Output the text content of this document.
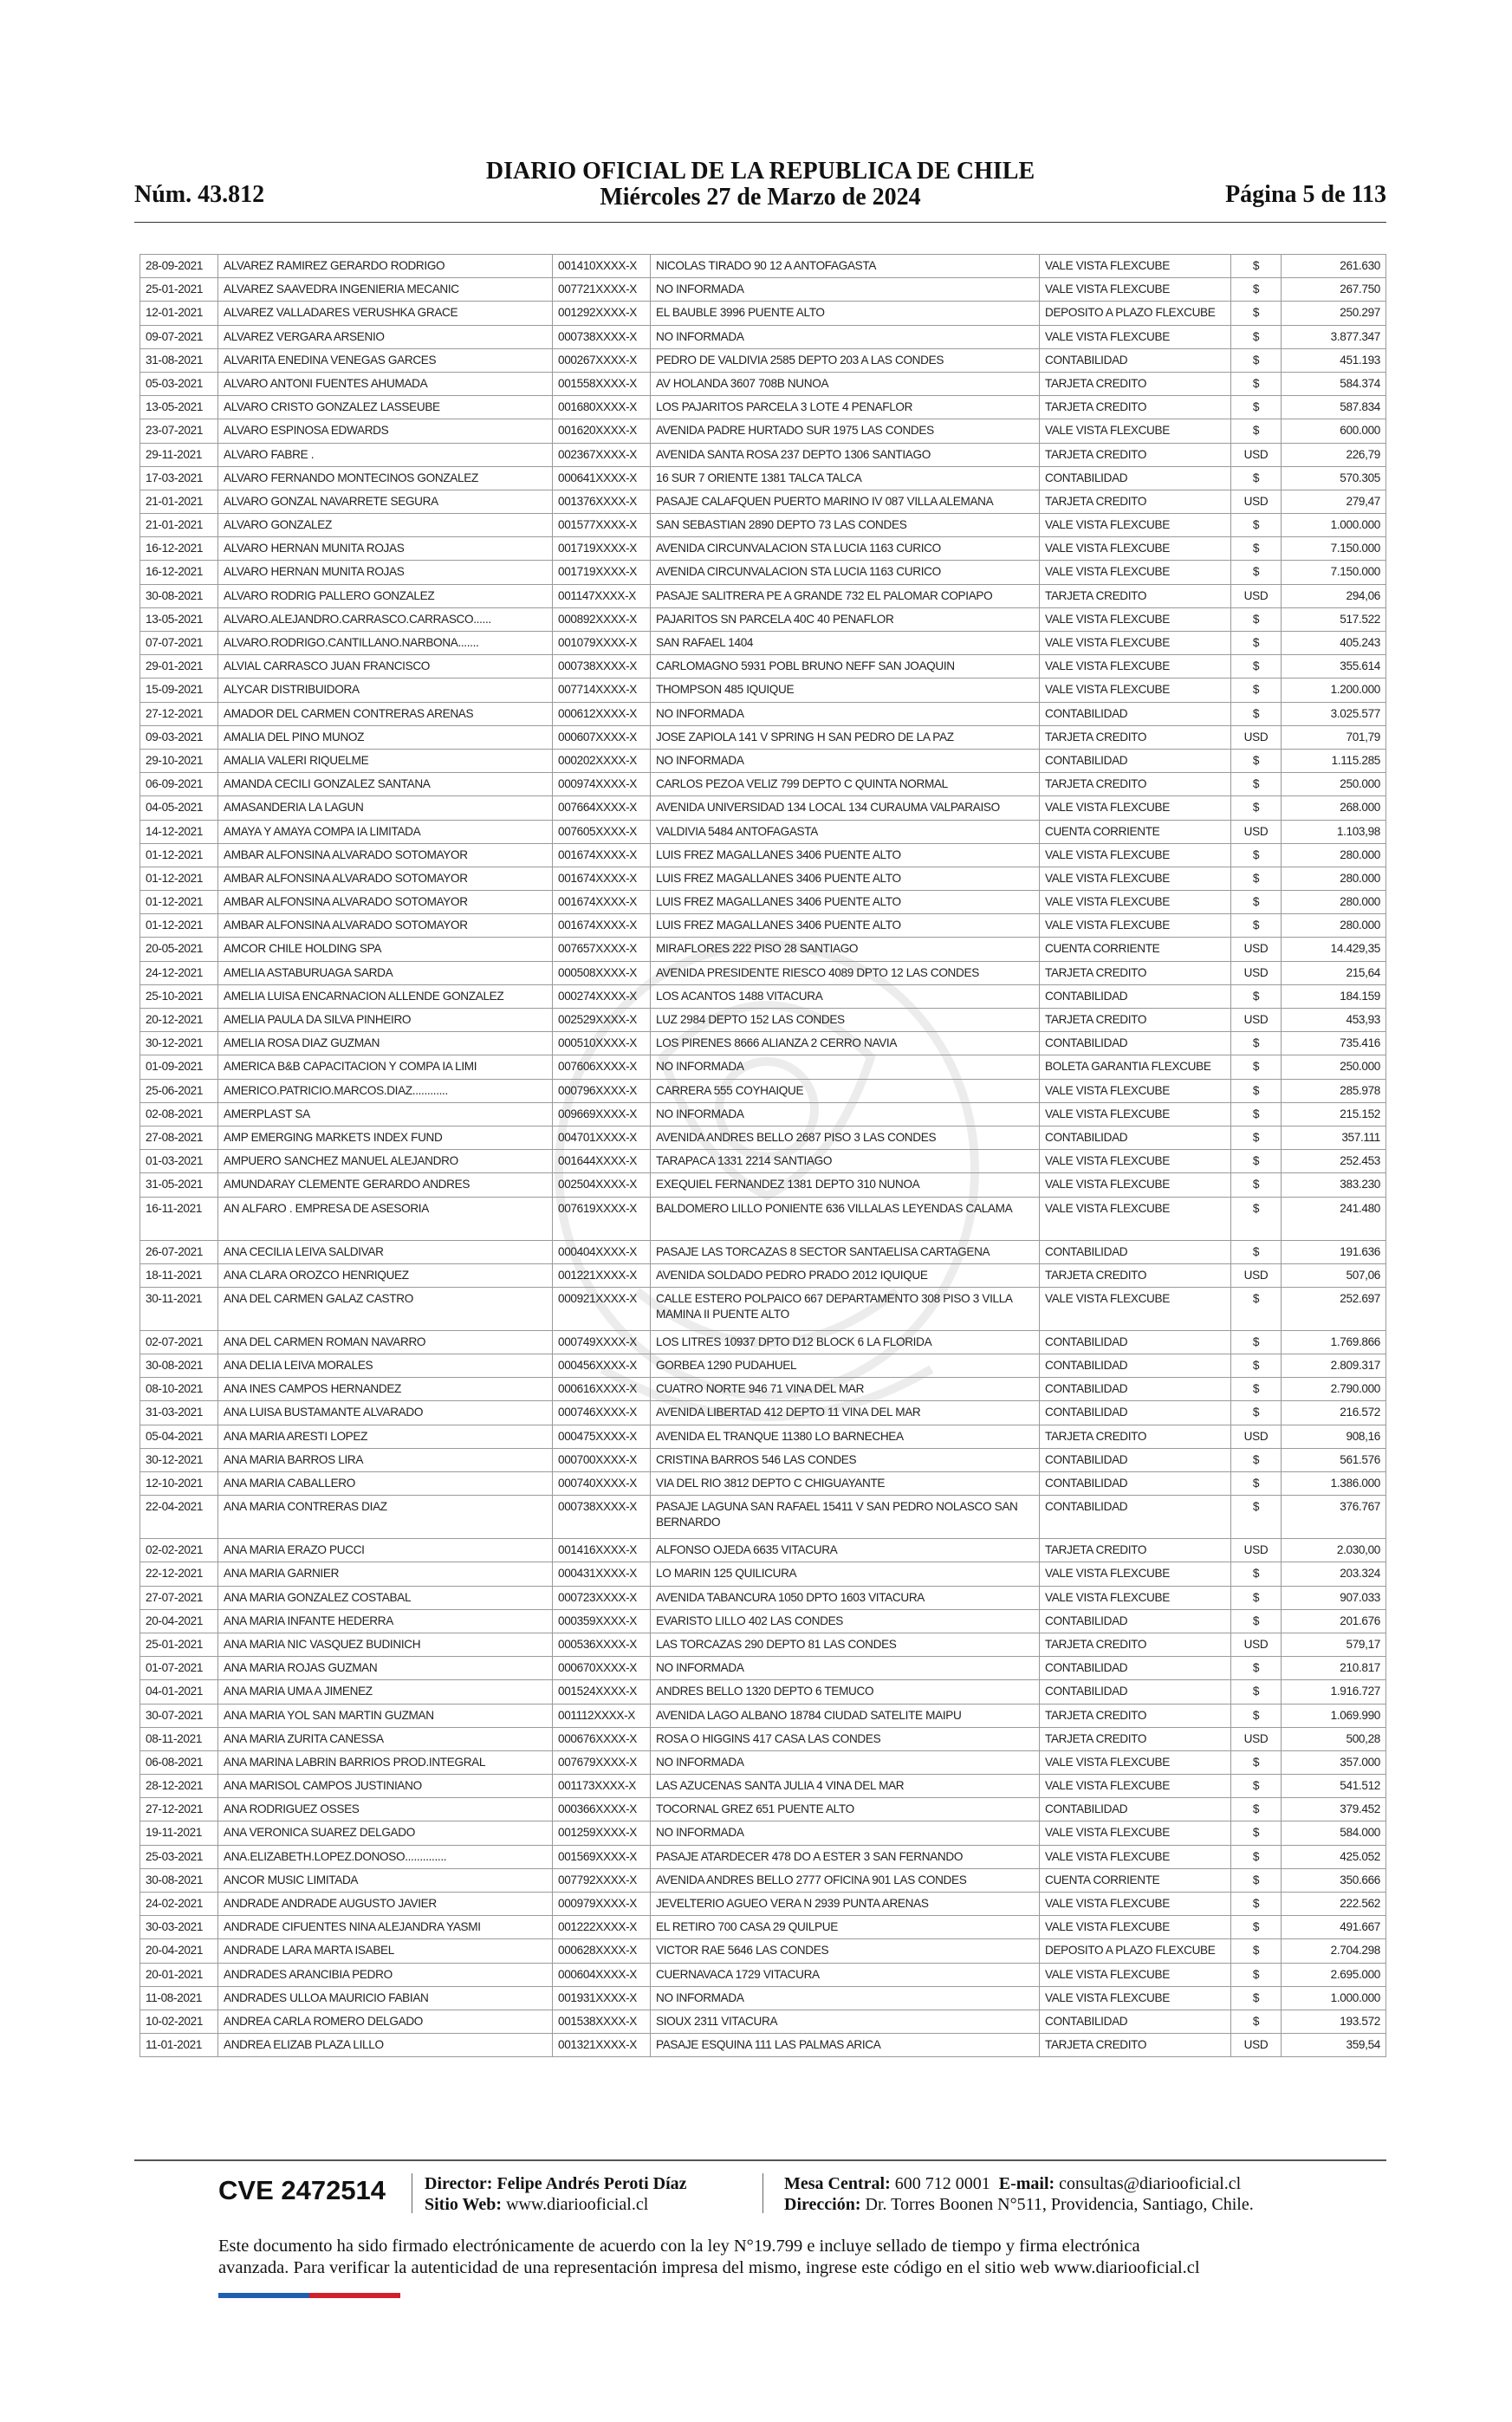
Núm. 43.812
DIARIO OFICIAL DE LA REPUBLICA DE CHILE
Miércoles 27 de Marzo de 2024	Página 5 de 113
28-09-2021	ALVAREZ RAMIREZ GERARDO RODRIGO	001410XXXX-X	NICOLAS TIRADO 90 12 A ANTOFAGASTA	VALE VISTA FLEXCUBE	$	261.630
25-01-2021	ALVAREZ SAAVEDRA INGENIERIA MECANIC	007721XXXX-X	NO INFORMADA	VALE VISTA FLEXCUBE	$	267.750
12-01-2021	ALVAREZ VALLADARES VERUSHKA GRACE	001292XXXX-X	EL BAUBLE 3996 PUENTE ALTO	DEPOSITO A PLAZO FLEXCUBE	$	250.297
09-07-2021	ALVAREZ VERGARA ARSENIO	000738XXXX-X	NO INFORMADA	VALE VISTA FLEXCUBE	$	3.877.347
31-08-2021	ALVARITA ENEDINA VENEGAS GARCES	000267XXXX-X	PEDRO DE VALDIVIA 2585 DEPTO 203 A LAS CONDES	CONTABILIDAD	$	451.193
05-03-2021	ALVARO ANTONI FUENTES AHUMADA	001558XXXX-X	AV HOLANDA 3607 708B NUNOA	TARJETA CREDITO	$	584.374
13-05-2021	ALVARO CRISTO GONZALEZ LASSEUBE	001680XXXX-X	LOS PAJARITOS PARCELA 3 LOTE 4 PENAFLOR	TARJETA CREDITO	$	587.834
23-07-2021	ALVARO ESPINOSA EDWARDS	001620XXXX-X	AVENIDA PADRE HURTADO SUR 1975 LAS CONDES	VALE VISTA FLEXCUBE	$	600.000
29-11-2021	ALVARO FABRE .	002367XXXX-X	AVENIDA SANTA ROSA 237 DEPTO 1306 SANTIAGO	TARJETA CREDITO	USD	226,79
17-03-2021	ALVARO FERNANDO MONTECINOS GONZALEZ	000641XXXX-X	16 SUR 7 ORIENTE 1381 TALCA TALCA	CONTABILIDAD	$	570.305
21-01-2021	ALVARO GONZAL NAVARRETE SEGURA	001376XXXX-X	PASAJE CALAFQUEN PUERTO MARINO IV 087 VILLA ALEMANA	TARJETA CREDITO	USD	279,47
21-01-2021	ALVARO GONZALEZ	001577XXXX-X	SAN SEBASTIAN 2890 DEPTO 73 LAS CONDES	VALE VISTA FLEXCUBE	$	1.000.000
16-12-2021	ALVARO HERNAN MUNITA ROJAS	001719XXXX-X	AVENIDA CIRCUNVALACION STA LUCIA 1163 CURICO	VALE VISTA FLEXCUBE	$	7.150.000
16-12-2021	ALVARO HERNAN MUNITA ROJAS	001719XXXX-X	AVENIDA CIRCUNVALACION STA LUCIA 1163 CURICO	VALE VISTA FLEXCUBE	$	7.150.000
30-08-2021	ALVARO RODRIG PALLERO GONZALEZ	001147XXXX-X	PASAJE SALITRERA PE A GRANDE 732 EL PALOMAR COPIAPO	TARJETA CREDITO	USD	294,06
13-05-2021	ALVARO.ALEJANDRO.CARRASCO.CARRASCO......	000892XXXX-X	PAJARITOS SN PARCELA 40C 40 PENAFLOR	VALE VISTA FLEXCUBE	$	517.522
07-07-2021	ALVARO.RODRIGO.CANTILLANO.NARBONA.......	001079XXXX-X	SAN RAFAEL 1404	VALE VISTA FLEXCUBE	$	405.243
29-01-2021	ALVIAL CARRASCO JUAN FRANCISCO	000738XXXX-X	CARLOMAGNO 5931 POBL BRUNO NEFF SAN JOAQUIN	VALE VISTA FLEXCUBE	$	355.614
15-09-2021	ALYCAR DISTRIBUIDORA	007714XXXX-X	THOMPSON 485 IQUIQUE	VALE VISTA FLEXCUBE	$	1.200.000
27-12-2021	AMADOR DEL CARMEN CONTRERAS ARENAS	000612XXXX-X	NO INFORMADA	CONTABILIDAD	$	3.025.577
09-03-2021	AMALIA DEL PINO MUNOZ	000607XXXX-X	JOSE ZAPIOLA 141 V SPRING H SAN PEDRO DE LA PAZ	TARJETA CREDITO	USD	701,79
29-10-2021	AMALIA VALERI RIQUELME	000202XXXX-X	NO INFORMADA	CONTABILIDAD	$	1.115.285
06-09-2021	AMANDA CECILI GONZALEZ SANTANA	000974XXXX-X	CARLOS PEZOA VELIZ 799 DEPTO C QUINTA NORMAL	TARJETA CREDITO	$	250.000
04-05-2021	AMASANDERIA LA LAGUN	007664XXXX-X	AVENIDA UNIVERSIDAD 134 LOCAL 134 CURAUMA VALPARAISO	VALE VISTA FLEXCUBE	$	268.000
14-12-2021	AMAYA Y AMAYA COMPA IA LIMITADA	007605XXXX-X	VALDIVIA 5484 ANTOFAGASTA	CUENTA CORRIENTE	USD	1.103,98
01-12-2021	AMBAR ALFONSINA ALVARADO SOTOMAYOR	001674XXXX-X	LUIS FREZ MAGALLANES 3406 PUENTE ALTO	VALE VISTA FLEXCUBE	$	280.000
01-12-2021	AMBAR ALFONSINA ALVARADO SOTOMAYOR	001674XXXX-X	LUIS FREZ MAGALLANES 3406 PUENTE ALTO	VALE VISTA FLEXCUBE	$	280.000
01-12-2021	AMBAR ALFONSINA ALVARADO SOTOMAYOR	001674XXXX-X	LUIS FREZ MAGALLANES 3406 PUENTE ALTO	VALE VISTA FLEXCUBE	$	280.000
01-12-2021	AMBAR ALFONSINA ALVARADO SOTOMAYOR	001674XXXX-X	LUIS FREZ MAGALLANES 3406 PUENTE ALTO	VALE VISTA FLEXCUBE	$	280.000
20-05-2021	AMCOR CHILE HOLDING SPA	007657XXXX-X	MIRAFLORES 222 PISO 28 SANTIAGO	CUENTA CORRIENTE	USD	14.429,35
24-12-2021	AMELIA ASTABURUAGA SARDA	000508XXXX-X	AVENIDA PRESIDENTE RIESCO 4089 DPTO 12 LAS CONDES	TARJETA CREDITO	USD	215,64
25-10-2021	AMELIA LUISA ENCARNACION ALLENDE GONZALEZ	000274XXXX-X	LOS ACANTOS 1488 VITACURA	CONTABILIDAD	$	184.159
20-12-2021	AMELIA PAULA DA SILVA PINHEIRO	002529XXXX-X	LUZ 2984 DEPTO 152 LAS CONDES	TARJETA CREDITO	USD	453,93
30-12-2021	AMELIA ROSA DIAZ GUZMAN	000510XXXX-X	LOS PIRENES 8666 ALIANZA 2 CERRO NAVIA	CONTABILIDAD	$	735.416
01-09-2021	AMERICA B&B CAPACITACION Y COMPA IA LIMI	007606XXXX-X	NO INFORMADA	BOLETA GARANTIA FLEXCUBE	$	250.000
25-06-2021	AMERICO.PATRICIO.MARCOS.DIAZ............	000796XXXX-X	CARRERA 555 COYHAIQUE	VALE VISTA FLEXCUBE	$	285.978
02-08-2021	AMERPLAST SA	009669XXXX-X	NO INFORMADA	VALE VISTA FLEXCUBE	$	215.152
27-08-2021	AMP EMERGING MARKETS INDEX FUND	004701XXXX-X	AVENIDA ANDRES BELLO 2687 PISO 3 LAS CONDES	CONTABILIDAD	$	357.111
01-03-2021	AMPUERO SANCHEZ MANUEL ALEJANDRO	001644XXXX-X	TARAPACA 1331 2214 SANTIAGO	VALE VISTA FLEXCUBE	$	252.453
31-05-2021	AMUNDARAY CLEMENTE GERARDO ANDRES	002504XXXX-X	EXEQUIEL FERNANDEZ 1381 DEPTO 310 NUNOA	VALE VISTA FLEXCUBE	$	383.230
16-11-2021	AN ALFARO . EMPRESA DE ASESORIA	007619XXXX-X	BALDOMERO LILLO PONIENTE 636 VILLALAS LEYENDAS CALAMA	VALE VISTA FLEXCUBE	$	241.480
26-07-2021	ANA CECILIA LEIVA SALDIVAR	000404XXXX-X	PASAJE LAS TORCAZAS 8 SECTOR SANTAELISA CARTAGENA	CONTABILIDAD	$	191.636
18-11-2021	ANA CLARA OROZCO HENRIQUEZ	001221XXXX-X	AVENIDA SOLDADO PEDRO PRADO 2012 IQUIQUE	TARJETA CREDITO	USD	507,06
30-11-2021	ANA DEL CARMEN GALAZ CASTRO	000921XXXX-X	CALLE ESTERO POLPAICO 667 DEPARTAMENTO 308 PISO 3 VILLA MAMINA II PUENTE ALTO	VALE VISTA FLEXCUBE	$	252.697
02-07-2021	ANA DEL CARMEN ROMAN NAVARRO	000749XXXX-X	LOS LITRES 10937 DPTO D12 BLOCK 6 LA FLORIDA	CONTABILIDAD	$	1.769.866
30-08-2021	ANA DELIA LEIVA MORALES	000456XXXX-X	GORBEA 1290 PUDAHUEL	CONTABILIDAD	$	2.809.317
08-10-2021	ANA INES CAMPOS HERNANDEZ	000616XXXX-X	CUATRO NORTE 946 71 VINA DEL MAR	CONTABILIDAD	$	2.790.000
31-03-2021	ANA LUISA BUSTAMANTE ALVARADO	000746XXXX-X	AVENIDA LIBERTAD 412 DEPTO 11 VINA DEL MAR	CONTABILIDAD	$	216.572
05-04-2021	ANA MARIA ARESTI LOPEZ	000475XXXX-X	AVENIDA EL TRANQUE 11380 LO BARNECHEA	TARJETA CREDITO	USD	908,16
30-12-2021	ANA MARIA BARROS LIRA	000700XXXX-X	CRISTINA BARROS 546 LAS CONDES	CONTABILIDAD	$	561.576
12-10-2021	ANA MARIA CABALLERO	000740XXXX-X	VIA DEL RIO 3812 DEPTO C CHIGUAYANTE	CONTABILIDAD	$	1.386.000
22-04-2021	ANA MARIA CONTRERAS DIAZ	000738XXXX-X	PASAJE LAGUNA SAN RAFAEL 15411 V SAN PEDRO NOLASCO SAN BERNARDO	CONTABILIDAD	$	376.767
02-02-2021	ANA MARIA ERAZO PUCCI	001416XXXX-X	ALFONSO OJEDA 6635 VITACURA	TARJETA CREDITO	USD	2.030,00
22-12-2021	ANA MARIA GARNIER	000431XXXX-X	LO MARIN 125 QUILICURA	VALE VISTA FLEXCUBE	$	203.324
27-07-2021	ANA MARIA GONZALEZ COSTABAL	000723XXXX-X	AVENIDA TABANCURA 1050 DPTO 1603 VITACURA	VALE VISTA FLEXCUBE	$	907.033
20-04-2021	ANA MARIA INFANTE HEDERRA	000359XXXX-X	EVARISTO LILLO 402 LAS CONDES	CONTABILIDAD	$	201.676
25-01-2021	ANA MARIA NIC VASQUEZ BUDINICH	000536XXXX-X	LAS TORCAZAS 290 DEPTO 81 LAS CONDES	TARJETA CREDITO	USD	579,17
01-07-2021	ANA MARIA ROJAS GUZMAN	000670XXXX-X	NO INFORMADA	CONTABILIDAD	$	210.817
04-01-2021	ANA MARIA UMA A JIMENEZ	001524XXXX-X	ANDRES BELLO 1320 DEPTO 6 TEMUCO	CONTABILIDAD	$	1.916.727
30-07-2021	ANA MARIA YOL SAN MARTIN GUZMAN	001112XXXX-X	AVENIDA LAGO ALBANO 18784 CIUDAD SATELITE MAIPU	TARJETA CREDITO	$	1.069.990
08-11-2021	ANA MARIA ZURITA CANESSA	000676XXXX-X	ROSA O HIGGINS 417 CASA LAS CONDES	TARJETA CREDITO	USD	500,28
06-08-2021	ANA MARINA LABRIN BARRIOS PROD.INTEGRAL	007679XXXX-X	NO INFORMADA	VALE VISTA FLEXCUBE	$	357.000
28-12-2021	ANA MARISOL CAMPOS JUSTINIANO	001173XXXX-X	LAS AZUCENAS SANTA JULIA 4 VINA DEL MAR	VALE VISTA FLEXCUBE	$	541.512
27-12-2021	ANA RODRIGUEZ OSSES	000366XXXX-X	TOCORNAL GREZ 651 PUENTE ALTO	CONTABILIDAD	$	379.452
19-11-2021	ANA VERONICA SUAREZ DELGADO	001259XXXX-X	NO INFORMADA	VALE VISTA FLEXCUBE	$	584.000
25-03-2021	ANA.ELIZABETH.LOPEZ.DONOSO..............	001569XXXX-X	PASAJE ATARDECER 478 DO A ESTER 3 SAN FERNANDO	VALE VISTA FLEXCUBE	$	425.052
30-08-2021	ANCOR MUSIC LIMITADA	007792XXXX-X	AVENIDA ANDRES BELLO 2777 OFICINA 901 LAS CONDES	CUENTA CORRIENTE	$	350.666
24-02-2021	ANDRADE ANDRADE AUGUSTO JAVIER	000979XXXX-X	JEVELTERIO AGUEO VERA N 2939 PUNTA ARENAS	VALE VISTA FLEXCUBE	$	222.562
30-03-2021	ANDRADE CIFUENTES NINA ALEJANDRA YASMI	001222XXXX-X	EL RETIRO 700 CASA 29 QUILPUE	VALE VISTA FLEXCUBE	$	491.667
20-04-2021	ANDRADE LARA MARTA ISABEL	000628XXXX-X	VICTOR RAE 5646 LAS CONDES	DEPOSITO A PLAZO FLEXCUBE	$	2.704.298
20-01-2021	ANDRADES ARANCIBIA PEDRO	000604XXXX-X	CUERNAVACA 1729 VITACURA	VALE VISTA FLEXCUBE	$	2.695.000
11-08-2021	ANDRADES ULLOA MAURICIO FABIAN	001931XXXX-X	NO INFORMADA	VALE VISTA FLEXCUBE	$	1.000.000
10-02-2021	ANDREA CARLA ROMERO DELGADO	001538XXXX-X	SIOUX 2311 VITACURA	CONTABILIDAD	$	193.572
11-01-2021	ANDREA ELIZAB PLAZA LILLO	001321XXXX-X	PASAJE ESQUINA 111 LAS PALMAS ARICA	TARJETA CREDITO	USD	359,54
CVE 2472514 Director: Felipe Andrés Peroti Díaz
Sitio Web: www.diariooficial.cl
Mesa Central: 600 712 0001 E-mail: consultas@diariooficial.cl
Dirección: Dr. Torres Boonen N°511, Providencia, Santiago, Chile.
Este documento ha sido firmado electrónicamente de acuerdo con la ley N°19.799 e incluye sellado de tiempo y firma electrónica
avanzada. Para verificar la autenticidad de una representación impresa del mismo, ingrese este código en el sitio web www.diariooficial.cl
